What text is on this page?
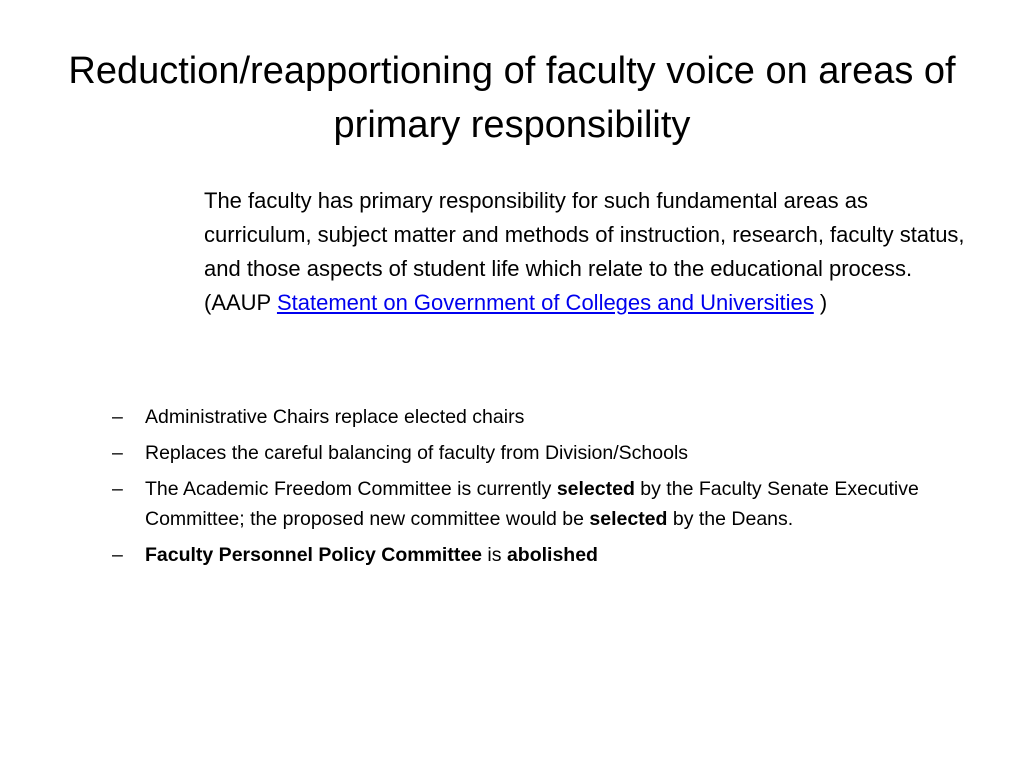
Reduction/reapportioning of faculty voice on areas of primary responsibility

The faculty has primary responsibility for such fundamental areas as curriculum, subject matter and methods of instruction, research, faculty status, and those aspects of student life which relate to the educational process. (AAUP Statement on Government of Colleges and Universities )

– Administrative Chairs replace elected chairs
– Replaces the careful balancing of faculty from Division/Schools
– The Academic Freedom Committee is currently selected by the Faculty Senate Executive Committee; the proposed new committee would be selected by the Deans.
– Faculty Personnel Policy Committee is abolished
